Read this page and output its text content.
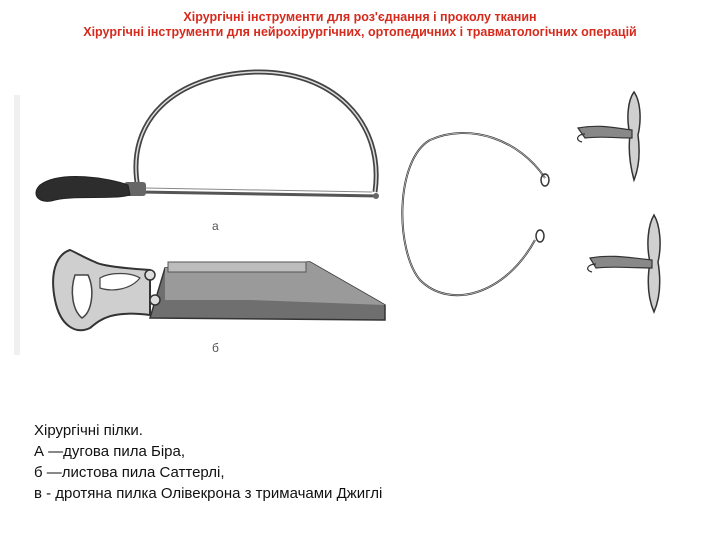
Хірургічні інструменти для роз'єднання і проколу тканин
Хірургічні інструменти для нейрохірургічних, ортопедичних і травматологічних операцій
а
б
Хірургічні пілки.
А —дугова пила Біра,
б —листова пила Саттерлі,
в - дротяна пилка Олівекрона з тримачами Джиглі
